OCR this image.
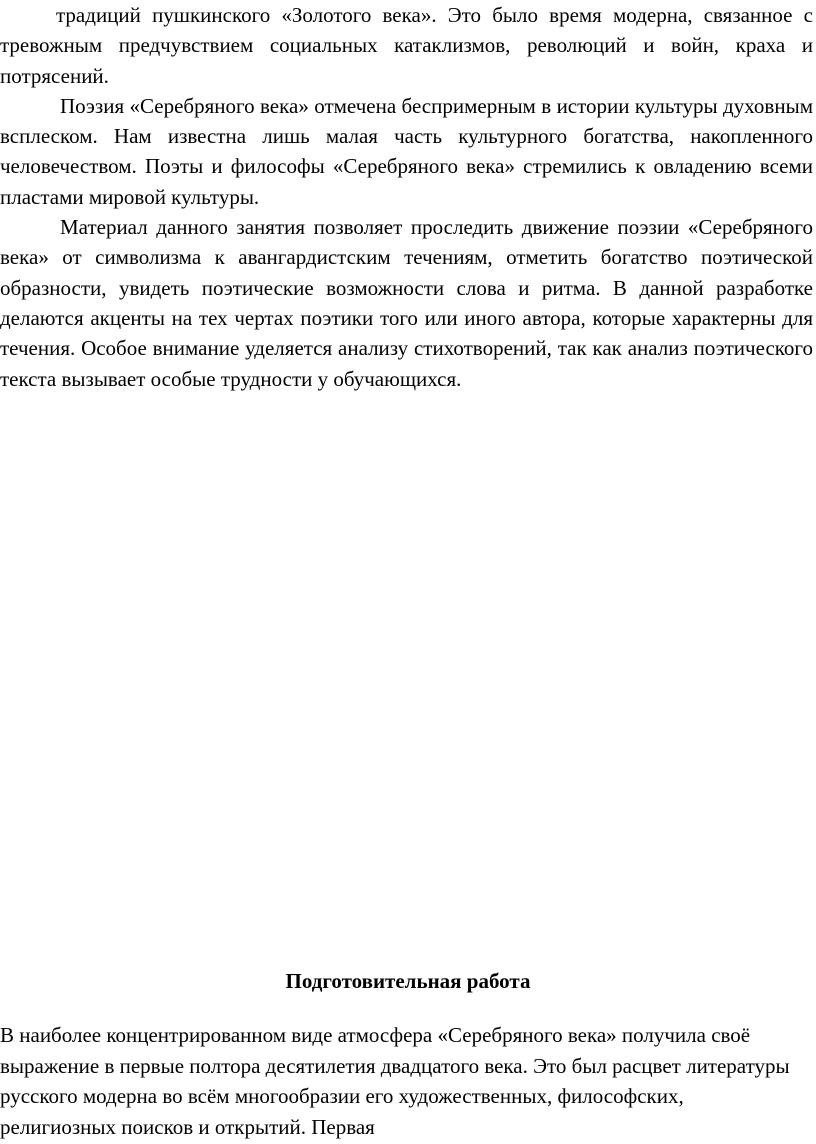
традиций пушкинского «Золотого века». Это было время модерна, связанное с тревожным предчувствием социальных катаклизмов, революций и войн, краха и потрясений.

Поэзия «Серебряного века» отмечена беспримерным в истории культуры духовным всплеском. Нам известна лишь малая часть культурного богатства, накопленного человечеством. Поэты и философы «Серебряного века» стремились к овладению всеми пластами мировой культуры.

Материал данного занятия позволяет проследить движение поэзии «Серебряного века» от символизма к авангардистским течениям, отметить богатство поэтической образности, увидеть поэтические возможности слова и ритма. В данной разработке делаются акценты на тех чертах поэтики того или иного автора, которые характерны для течения. Особое внимание уделяется анализу стихотворений, так как анализ поэтического текста вызывает особые трудности у обучающихся.

Подготовительная работа

В наиболее концентрированном виде атмосфера «Серебряного века» получила своё выражение в первые полтора десятилетия двадцатого века. Это был расцвет литературы русского модерна во всём многообразии его художественных, философских, религиозных поисков и открытий. Первая
